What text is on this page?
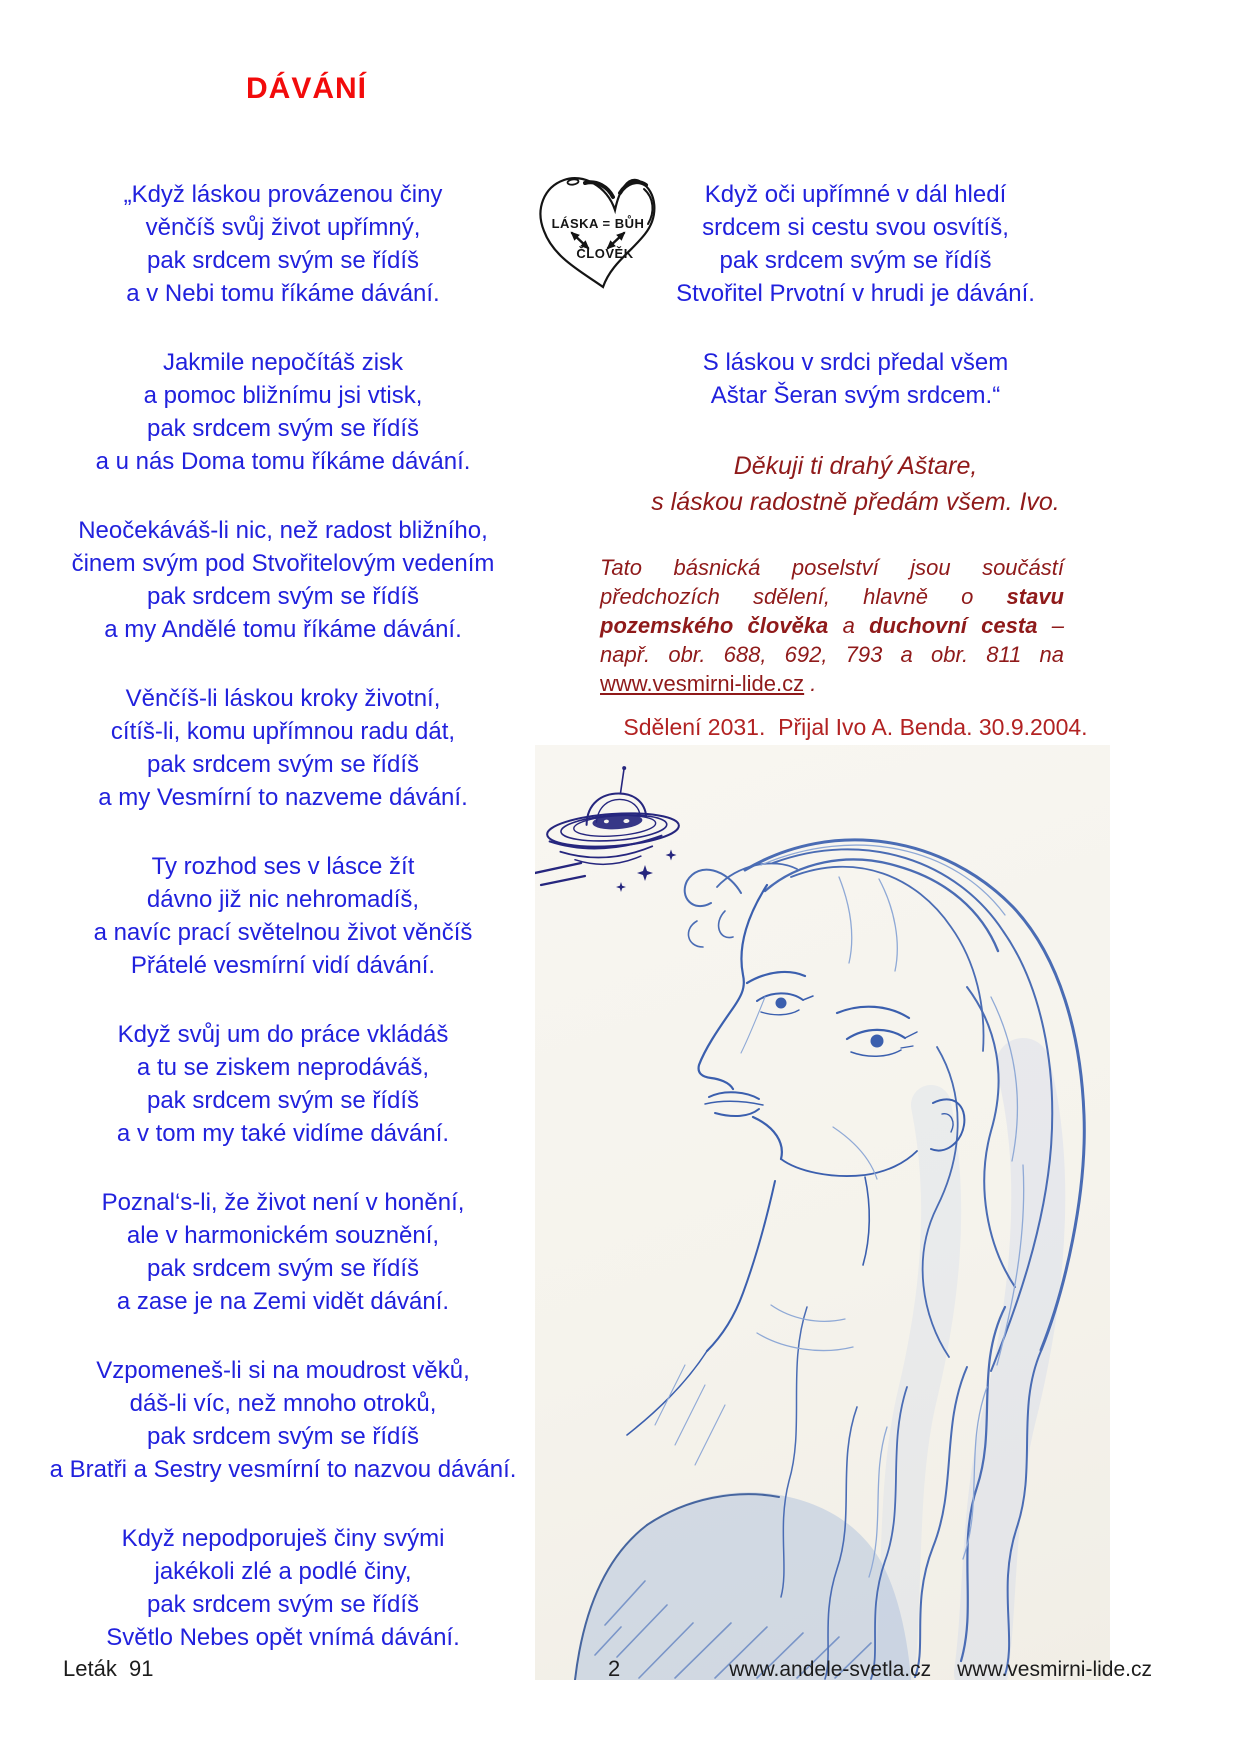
DÁVÁNÍ
LÁSKA = BŮH
ČLOVĚK
„Když láskou provázenou činy
věnčíš svůj život upřímný,
pak srdcem svým se řídíš
a v Nebi tomu říkáme dávání.
Jakmile nepočítáš zisk
a pomoc bližnímu jsi vtisk,
pak srdcem svým se řídíš
a u nás Doma tomu říkáme dávání.
Neočekáváš-li nic, než radost bližního,
činem svým pod Stvořitelovým vedením
pak srdcem svým se řídíš
a my Andělé tomu říkáme dávání.
Věnčíš-li láskou kroky životní,
cítíš-li, komu upřímnou radu dát,
pak srdcem svým se řídíš
a my Vesmírní to nazveme dávání.
Ty rozhod ses v lásce žít
dávno již nic nehromadíš,
a navíc prací světelnou život věnčíš
Přátelé vesmírní vidí dávání.
Když svůj um do práce vkládáš
a tu se ziskem neprodáváš,
pak srdcem svým se řídíš
a v tom my také vidíme dávání.
Poznal‘s-li, že život není v honění,
ale v harmonickém souznění,
pak srdcem svým se řídíš
a zase je na Zemi vidět dávání.
Vzpomeneš-li si na moudrost věků,
dáš-li víc, než mnoho otroků,
pak srdcem svým se řídíš
a Bratři a Sestry vesmírní to nazvou dávání.
Když nepodporuješ činy svými
jakékoli zlé a podlé činy,
pak srdcem svým se řídíš
Světlo Nebes opět vnímá dávání.
Když oči upřímné v dál hledí
srdcem si cestu svou osvítíš,
pak srdcem svým se řídíš
Stvořitel Prvotní v hrudi je dávání.
S láskou v srdci předal všem
Aštar Šeran svým srdcem.“
Děkuji ti drahý Aštare,
s láskou radostně předám všem. Ivo.

Tato básnická poselství jsou součástí předchozích sdělení, hlavně o stavu pozemského člověka a duchovní cesta – např. obr. 688, 692, 793 a obr. 811 na www.vesmirni-lide.cz .

Sdělení 2031.  Přijal Ivo A. Benda. 30.9.2004.
Leták  91	2	www.andele-svetla.cz www.vesmirni-lide.cz
